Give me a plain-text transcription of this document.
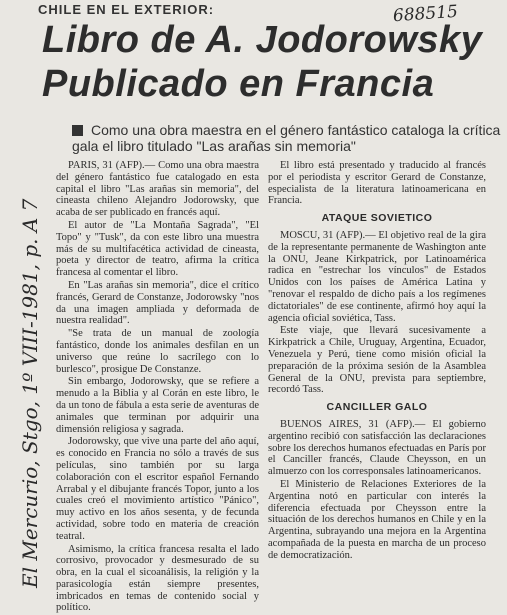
CHILE EN EL EXTERIOR:	688515
Libro de A. Jodorowsky
Publicado en Francia
Como una obra maestra en el género fantástico cataloga la crítica gala el libro titulado "Las arañas sin memoria"

PARIS, 31 (AFP).— Como una obra maestra del género fantástico fue catalogado en esta capital el libro "Las arañas sin memoria", del cineasta chileno Alejandro Jodorowsky, que acaba de ser publicado en francés aquí.

El autor de "La Montaña Sagrada", "El Topo" y "Tusk", da con este libro una muestra más de su multifacética actividad de cineasta, poeta y director de teatro, afirma la crítica francesa al comentar el libro.

En "Las arañas sin memoria", dice el crítico francés, Gerard de Constanze, Jodorowsky "nos da una imagen ampliada y deformada de nuestra realidad".

"Se trata de un manual de zoología fantástico, donde los animales desfilan en un universo que reúne lo sacrílego con lo burlesco", prosigue De Constanze.

Sin embargo, Jodorowsky, que se refiere a menudo a la Biblia y al Corán en este libro, le da un tono de fábula a esta serie de aventuras de animales que terminan por adquirir una dimensión religiosa y sagrada.

Jodorowsky, que vive una parte del año aquí, es conocido en Francia no sólo a través de sus películas, sino también por su larga colaboración con el escritor español Fernando Arrabal y el dibujante francés Topor, junto a los cuales creó el movimiento artístico "Pánico", muy activo en los años sesenta, y de fecunda actividad, sobre todo en materia de creación teatral.

Asimismo, la crítica francesa resalta el lado corrosivo, provocador y desmesurado de su obra, en la cual el sicoanálisis, la religión y la parasicología están siempre presentes, imbricados en temas de contenido social y político.

El libro está presentado y traducido al francés por el periodista y escritor Gerard de Constanze, especialista de la literatura latinoamericana en Francia.

ATAQUE SOVIETICO

MOSCU, 31 (AFP).— El objetivo real de la gira de la representante permanente de Washington ante la ONU, Jeane Kirkpatrick, por Latinoamérica radica en "estrechar los vínculos" de Estados Unidos con los países de América Latina y "renovar el respaldo de dicho país a los regímenes dictatoriales" de ese continente, afirmó hoy aquí la agencia oficial soviética, Tass.

Este viaje, que llevará sucesivamente a Kirkpatrick a Chile, Uruguay, Argentina, Ecuador, Venezuela y Perú, tiene como misión oficial la preparación de la próxima sesión de la Asamblea General de la ONU, prevista para septiembre, recordó Tass.

CANCILLER GALO

BUENOS AIRES, 31 (AFP).— El gobierno argentino recibió con satisfacción las declaraciones sobre los derechos humanos efectuadas en París por el Canciller francés, Claude Cheysson, en un almuerzo con los corresponsales latinoamericanos.

El Ministerio de Relaciones Exteriores de la Argentina notó en particular con interés la diferencia efectuada por Cheysson entre la situación de los derechos humanos en Chile y en la Argentina, subrayando una mejora en la Argentina acompañada de la puesta en marcha de un proceso de democratización.

El Mercurio, Stgo, 1º VIII-1981, p. A 7
